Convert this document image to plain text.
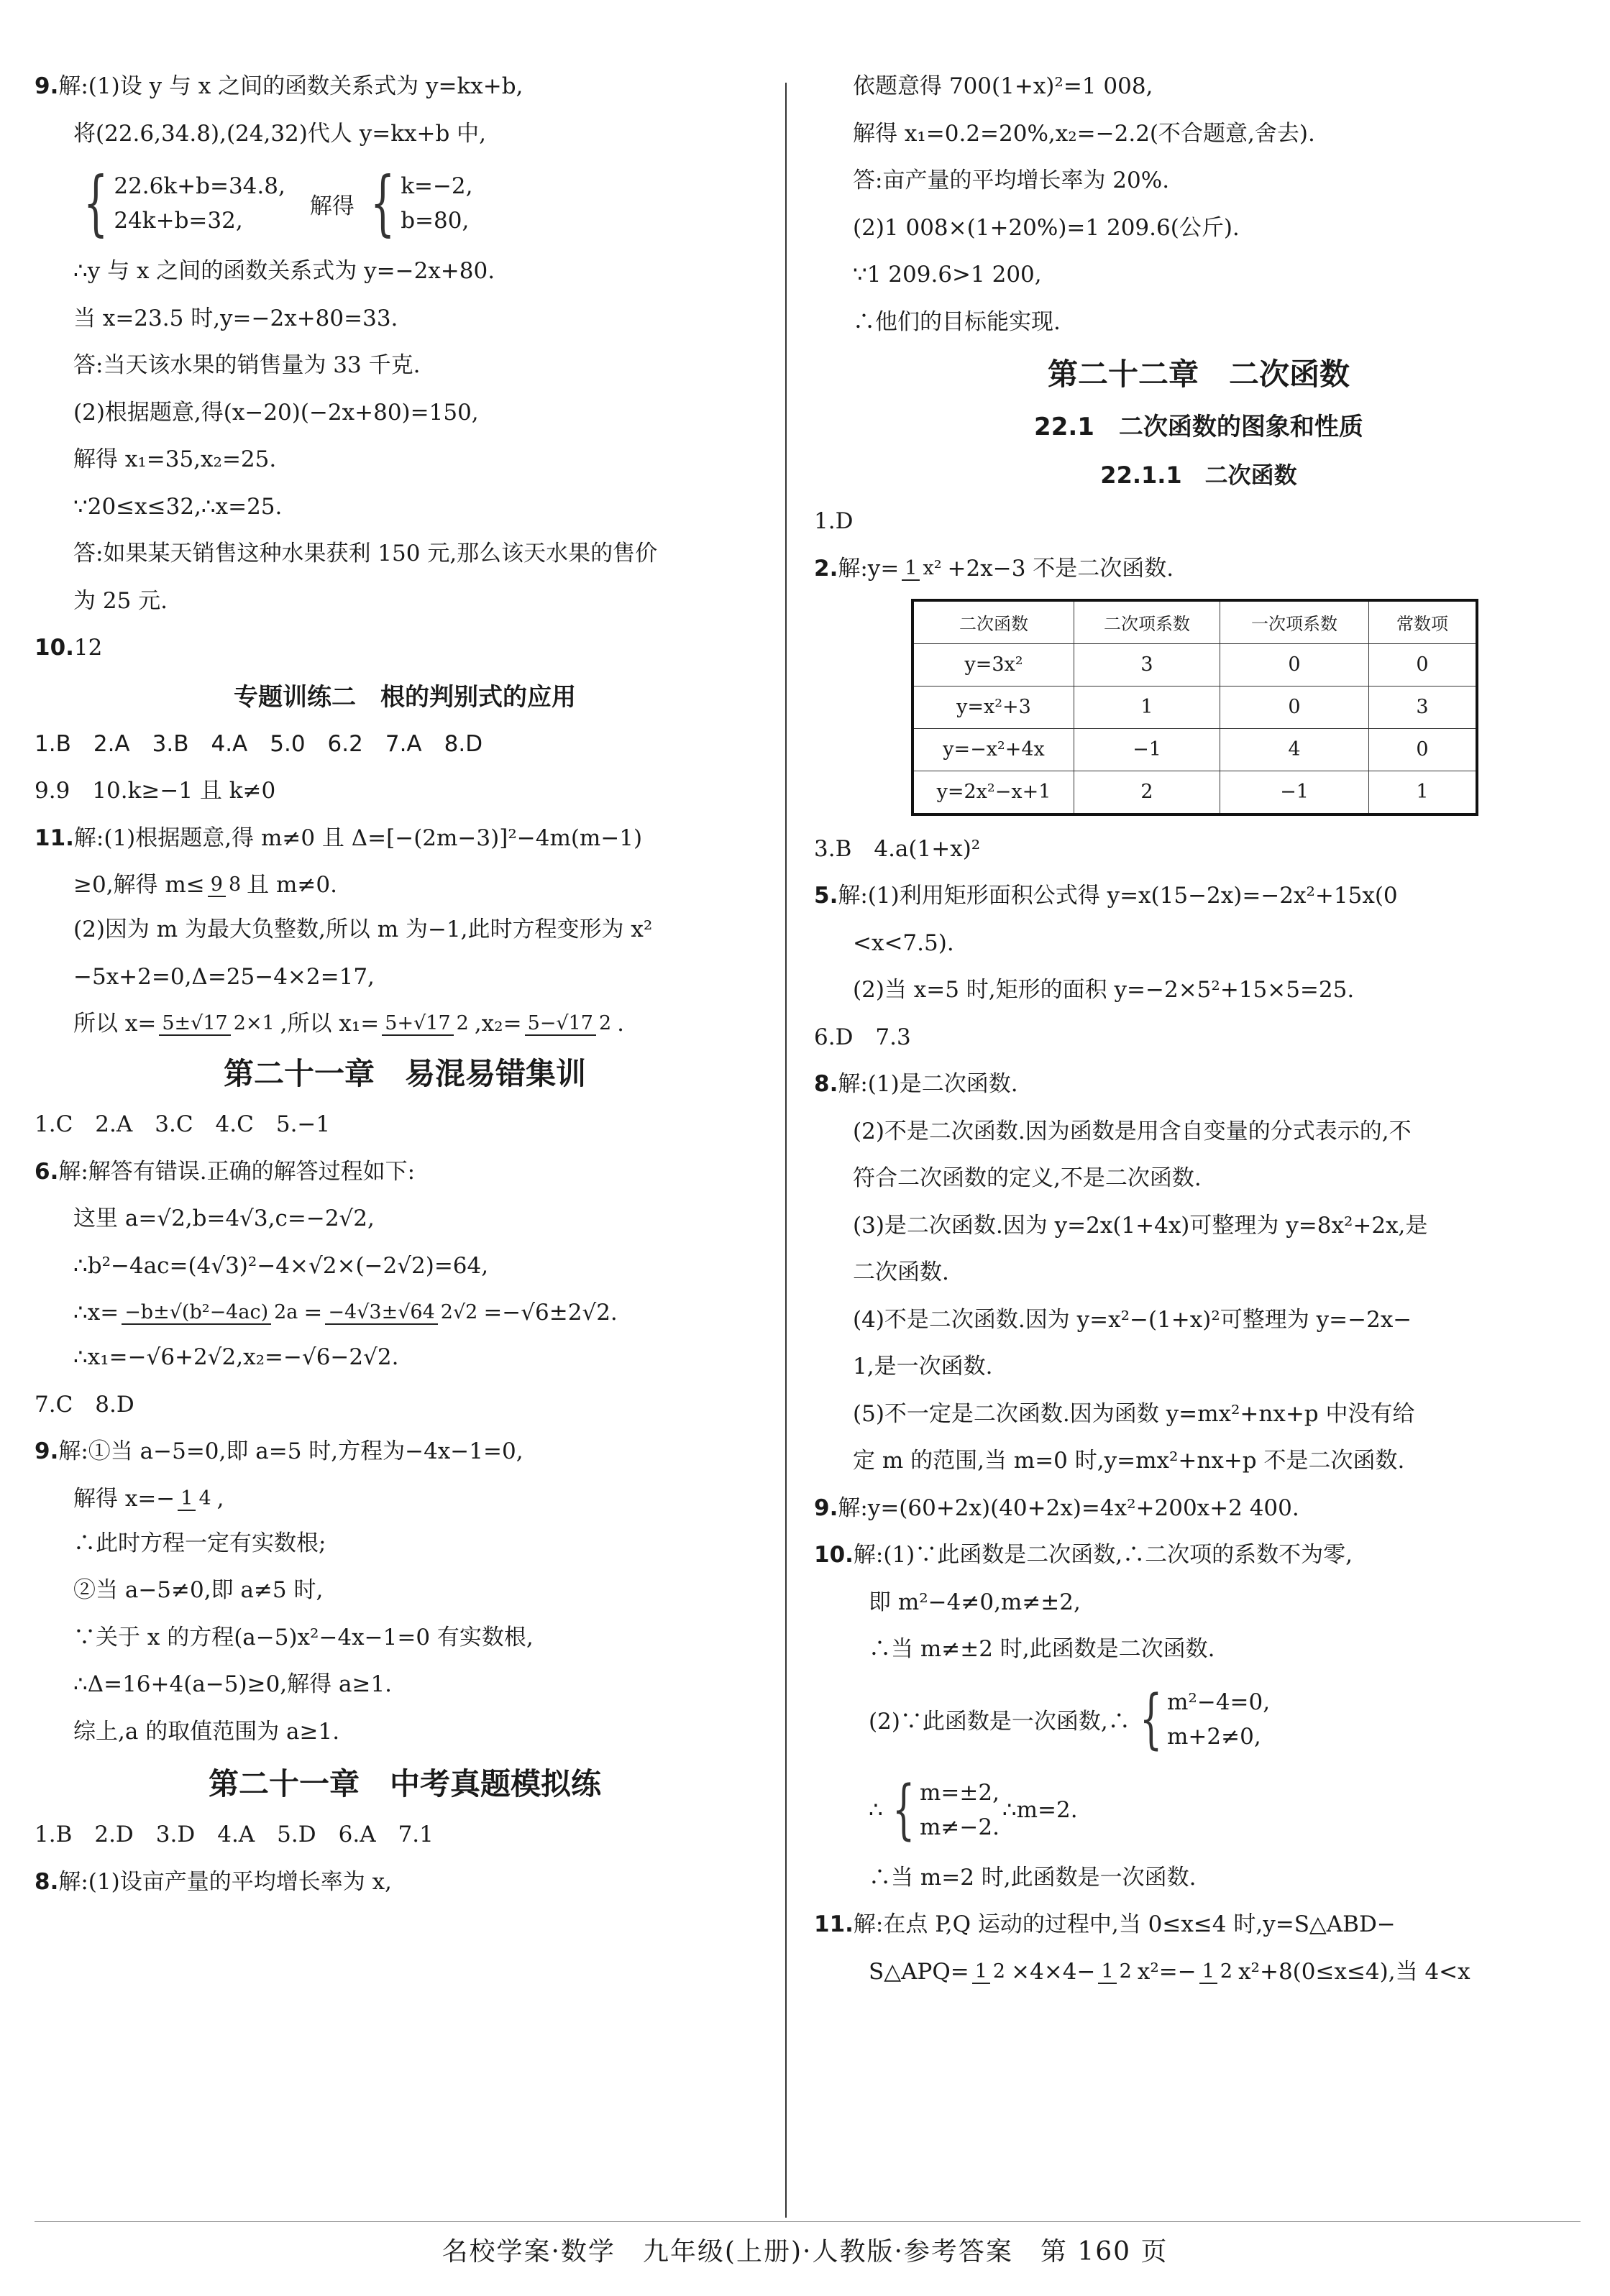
9.解:(1)设 y 与 x 之间的函数关系式为 y=kx+b,
将(22.6,34.8),(24,32)代人 y=kx+b 中,
{ 22.6k+b=34.8,
24k+b=32,
解得 { k=−2,
b=80,
∴y 与 x 之间的函数关系式为 y=−2x+80.
当 x=23.5 时,y=−2x+80=33.
答:当天该水果的销售量为 33 千克.
(2)根据题意,得(x−20)(−2x+80)=150,
解得 x₁=35,x₂=25.
∵20≤x≤32,∴x=25.
答:如果某天销售这种水果获利 150 元,那么该天水果的售价
为 25 元.
10.12
专题训练二　根的判别式的应用
1.B　2.A　3.B　4.A　5.0　6.2　7.A　8.D
9.9　10.k≥−1 且 k≠0
11.解:(1)根据题意,得 m≠0 且 Δ=[−(2m−3)]²−4m(m−1)
≥0,解得 m≤ 9 8 且 m≠0.
(2)因为 m 为最大负整数,所以 m 为−1,此时方程变形为 x²
−5x+2=0,Δ=25−4×2=17,
所以 x= 5±√17 2×1 ,所以 x₁= 5+√17 2 ,x₂= 5−√17 2 .
第二十一章　易混易错集训
1.C　2.A　3.C　4.C　5.−1
6.解:解答有错误.正确的解答过程如下:
这里 a=√2,b=4√3,c=−2√2,
∴b²−4ac=(4√3)²−4×√2×(−2√2)=64,
∴x= −b±√(b²−4ac) 2a = −4√3±√64 2√2 =−√6±2√2.
∴x₁=−√6+2√2,x₂=−√6−2√2.
7.C　8.D
9.解:①当 a−5=0,即 a=5 时,方程为−4x−1=0,
解得 x=− 1 4 ,
∴此时方程一定有实数根;
②当 a−5≠0,即 a≠5 时,
∵关于 x 的方程(a−5)x²−4x−1=0 有实数根,
∴Δ=16+4(a−5)≥0,解得 a≥1.
综上,a 的取值范围为 a≥1.
第二十一章　中考真题模拟练
1.B　2.D　3.D　4.A　5.D　6.A　7.1
8.解:(1)设亩产量的平均增长率为 x,
依题意得 700(1+x)²=1 008,
解得 x₁=0.2=20%,x₂=−2.2(不合题意,舍去).
答:亩产量的平均增长率为 20%.
(2)1 008×(1+20%)=1 209.6(公斤).
∵1 209.6>1 200,
∴他们的目标能实现.
第二十二章　二次函数
22.1　二次函数的图象和性质
22.1.1　二次函数
1.D
2. 解:y= 1 x² +2x−3 不是二次函数.
二次函数	二次项系数	一次项系数	常数项
y=3x²	3	0	0
y=x²+3	1	0	3
y=−x²+4x	−1	4	0
y=2x²−x+1	2	−1	1
3.B　4.a(1+x)²
5.解:(1)利用矩形面积公式得 y=x(15−2x)=−2x²+15x(0
<x<7.5).
(2)当 x=5 时,矩形的面积 y=−2×5²+15×5=25.
6.D　7.3
8.解:(1)是二次函数.
(2)不是二次函数.因为函数是用含自变量的分式表示的,不
符合二次函数的定义,不是二次函数.
(3)是二次函数.因为 y=2x(1+4x)可整理为 y=8x²+2x,是
二次函数.
(4)不是二次函数.因为 y=x²−(1+x)²可整理为 y=−2x−
1,是一次函数.
(5)不一定是二次函数.因为函数 y=mx²+nx+p 中没有给
定 m 的范围,当 m=0 时,y=mx²+nx+p 不是二次函数.
9.解:y=(60+2x)(40+2x)=4x²+200x+2 400.
10.解:(1)∵此函数是二次函数,∴二次项的系数不为零,
即 m²−4≠0,m≠±2,
∴当 m≠±2 时,此函数是二次函数.
(2)∵此函数是一次函数,∴ { m²−4=0,
m+2≠0,
∴ { m=±2,
m≠−2.
∴m=2.
∴当 m=2 时,此函数是一次函数.
11.解:在点 P,Q 运动的过程中,当 0≤x≤4 时,y=S△ABD−
S△APQ= 1 2 ×4×4− 1 2 x²=− 1 2 x²+8(0≤x≤4),当 4<x
名校学案·数学　九年级(上册)·人教版·参考答案　第 160 页
